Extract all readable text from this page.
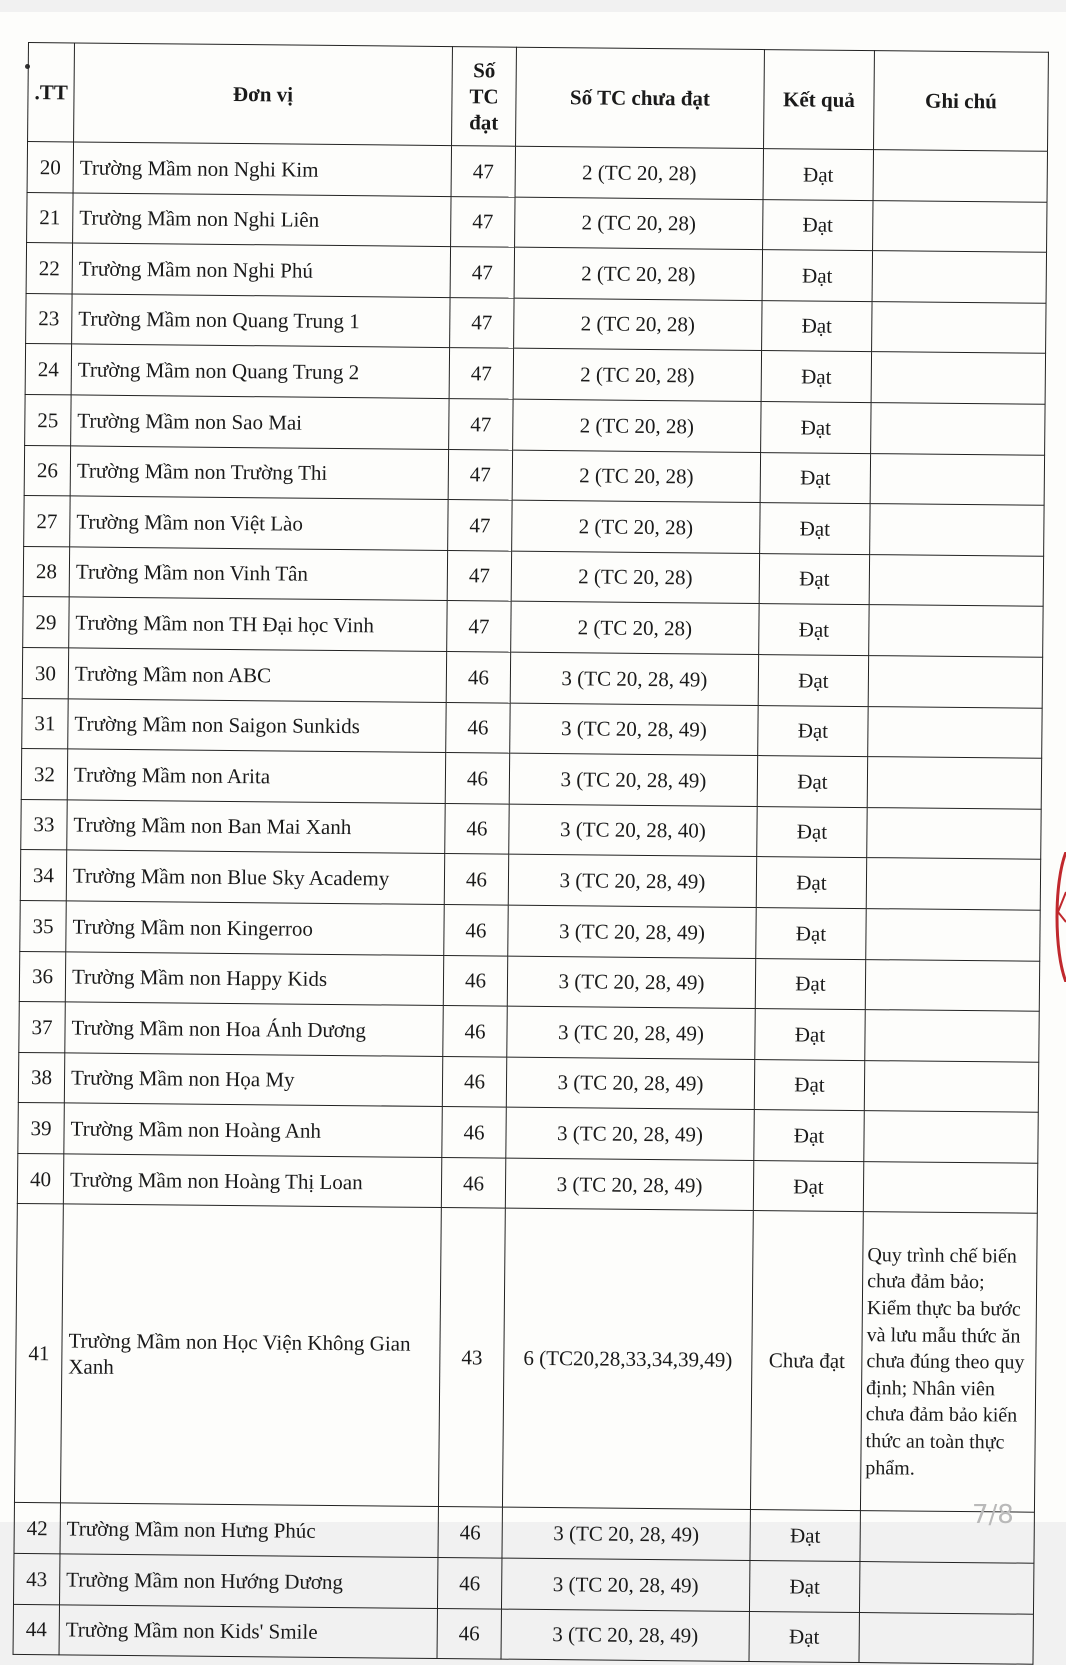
.TT	Đơn vị	Số TC đạt	Số TC chưa đạt	Kết quả	Ghi chú
20	Trường Mầm non Nghi Kim	47	2 (TC 20, 28)	Đạt	
21	Trường Mầm non Nghi Liên	47	2 (TC 20, 28)	Đạt	
22	Trường Mầm non Nghi Phú	47	2 (TC 20, 28)	Đạt	
23	Trường Mầm non Quang Trung 1	47	2 (TC 20, 28)	Đạt	
24	Trường Mầm non Quang Trung 2	47	2 (TC 20, 28)	Đạt	
25	Trường Mầm non Sao Mai	47	2 (TC 20, 28)	Đạt	
26	Trường Mầm non Trường Thi	47	2 (TC 20, 28)	Đạt	
27	Trường Mầm non Việt Lào	47	2 (TC 20, 28)	Đạt	
28	Trường Mầm non Vinh Tân	47	2 (TC 20, 28)	Đạt	
29	Trường Mầm non TH Đại học Vinh	47	2 (TC 20, 28)	Đạt	
30	Trường Mầm non ABC	46	3 (TC 20, 28, 49)	Đạt	
31	Trường Mầm non Saigon Sunkids	46	3 (TC 20, 28, 49)	Đạt	
32	Trường Mầm non Arita	46	3 (TC 20, 28, 49)	Đạt	
33	Trường Mầm non Ban Mai Xanh	46	3 (TC 20, 28, 40)	Đạt	
34	Trường Mầm non Blue Sky Academy	46	3 (TC 20, 28, 49)	Đạt	
35	Trường Mầm non Kingerroo	46	3 (TC 20, 28, 49)	Đạt	
36	Trường Mầm non Happy Kids	46	3 (TC 20, 28, 49)	Đạt	
37	Trường Mầm non Hoa Ánh Dương	46	3 (TC 20, 28, 49)	Đạt	
38	Trường Mầm non Họa My	46	3 (TC 20, 28, 49)	Đạt	
39	Trường Mầm non Hoàng Anh	46	3 (TC 20, 28, 49)	Đạt	
40	Trường Mầm non Hoàng Thị Loan	46	3 (TC 20, 28, 49)	Đạt	
41	Trường Mầm non Học Viện Không Gian Xanh	43	6 (TC20,28,33,34,39,49)	Chưa đạt	Quy trình chế biến chưa đảm bảo; Kiểm thực ba bước và lưu mẫu thức ăn chưa đúng theo quy định; Nhân viên chưa đảm bảo kiến thức an toàn thực phẩm.
42	Trường Mầm non Hưng Phúc	46	3 (TC 20, 28, 49)	Đạt	
43	Trường Mầm non Hướng Dương	46	3 (TC 20, 28, 49)	Đạt	
44	Trường Mầm non Kids' Smile	46	3 (TC 20, 28, 49)	Đạt	
7/8
